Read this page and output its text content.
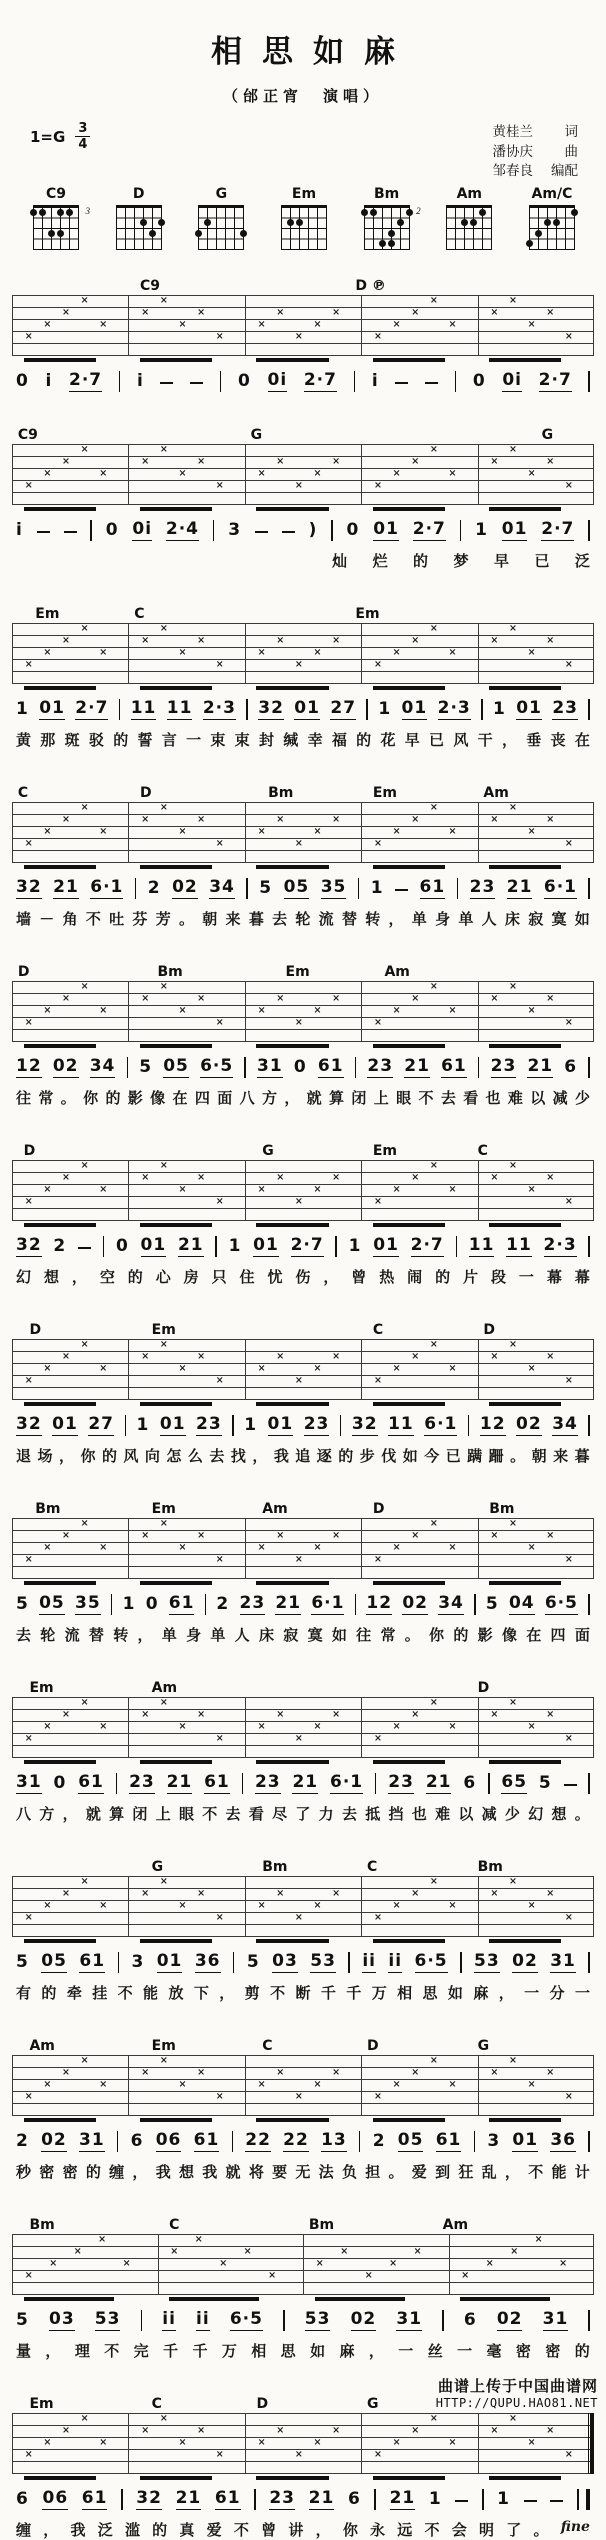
相思如麻
（邰正宵　演唱）
$1=G \frac{3}{4}$	黄桂兰 词
潘协庆 曲
邹春良 编配
C9
3
D	G	Em	Bm
2
Am	Am/C
C9	D ℗
×
×
×
×
×
×
×
×
×
×
×
×
×
×
×
×
×
×
×
×
×
×
×
×
×
0 i 2·7 i	0 0i 2·7 i	0 0i 2·7
C9	G	G
×
×
×
×
×
×
×
×
×
×
×
×
×
×
×
×
×
×
×
×
×
×
×
×
×
i	0 0i 2·4 3	) 0 01 2·7 1 01 2·7
灿 烂 的 梦 早 已 泛
Em	C	Em
×
×
×
×
×
×
×
×
×
×
×
×
×
×
×
×
×
×
×
×
×
×
×
×
×
1 01 2·7 11 11 2·3 32 01 27 1 01 2·3 1 01 23
黄 那 斑 驳 的 誓 言 一 束 束 封 缄 幸 福 的 花 早 已 风 干 ， 垂 丧 在
C	D	Bm	Em	Am
×
×
×
×
×
×
×
×
×
×
×
×
×
×
×
×
×
×
×
×
×
×
×
×
×
32 21 6·1 2 02 34 5 05 35 1 61 23 21 6·1
墙 － 角 不 吐 芬 芳 。 朝 来 暮 去 轮 流 替 转 ， 单 身 单 人 床 寂 寞 如
D	Bm	Em	Am
×
×
×
×
×
×
×
×
×
×
×
×
×
×
×
×
×
×
×
×
×
×
×
×
×
12 02 34 5 05 6·5 31 0 61 23 21 61 23 21 6
往 常 。 你 的 影 像 在 四 面 八 方 ， 就 算 闭 上 眼 不 去 看 也 难 以 减 少
D	G	Em	C
×
×
×
×
×
×
×
×
×
×
×
×
×
×
×
×
×
×
×
×
×
×
×
×
×
32 2	0 01 21 1 01 2·7 1 01 2·7 11 11 2·3
幻 想 ， 空 的 心 房 只 住 忧 伤 ， 曾 热 闹 的 片 段 一 幕 幕
D	Em	C	D
×
×
×
×
×
×
×
×
×
×
×
×
×
×
×
×
×
×
×
×
×
×
×
×
×
32 01 27 1 01 23 1 01 23 32 11 6·1 12 02 34
退 场 ， 你 的 风 向 怎 么 去 找 ， 我 追 逐 的 步 伐 如 今 已 蹒 跚 。 朝 来 暮
Bm	Em	Am	D	Bm
×
×
×
×
×
×
×
×
×
×
×
×
×
×
×
×
×
×
×
×
×
×
×
×
×
5 05 35 1 0 61 2 23 21 6·1 12 02 34 5 04 6·5
去 轮 流 替 转 ， 单 身 单 人 床 寂 寞 如 往 常 。 你 的 影 像 在 四 面
Em	Am	D
×
×
×
×
×
×
×
×
×
×
×
×
×
×
×
×
×
×
×
×
×
×
×
×
×
31 0 61 23 21 61 23 21 6·1 23 21 6 65 5
八 方 ， 就 算 闭 上 眼 不 去 看 尽 了 力 去 抵 挡 也 难 以 减 少 幻 想 。
G	Bm	C	Bm
×
×
×
×
×
×
×
×
×
×
×
×
×
×
×
×
×
×
×
×
×
×
×
×
×
5 05 61 3 01 36 5 03 53 ii ii 6·5 53 02 31
有 的 牵 挂 不 能 放 下 ， 剪 不 断 千 千 万 相 思 如 麻 ， 一 分 一
Am	Em	C	D	G
×
×
×
×
×
×
×
×
×
×
×
×
×
×
×
×
×
×
×
×
×
×
×
×
×
2 02 31 6 06 61 22 22 13 2 05 61 3 01 36
秒 密 密 的 缠 ， 我 想 我 就 将 要 无 法 负 担 。 爱 到 狂 乱 ， 不 能 计
Bm	C	Bm	Am
×
×
×
×
×
×
×
×
×
×
×
×
×
×
×
×
×
×
×
×
5 03 53 ii ii 6·5 53 02 31 6 02 31
量 ， 理 不 完 千 千 万 相 思 如 麻 ， 一 丝 一 毫 密 密 的
Em	C	D	G
×
×
×
×
×
×
×
×
×
×
×
×
×
×
×
×
×
×
×
×
×
×
×
×
×
6 06 61 32 21 61 23 21 6 21 1	1
缠 ， 我 泛 滥 的 真 爱 不 曾 讲 ， 你 永 远 不 会 明 了 。 fine
曲谱上传于中国曲谱网
HTTP://QUPU.HAO81.NET
